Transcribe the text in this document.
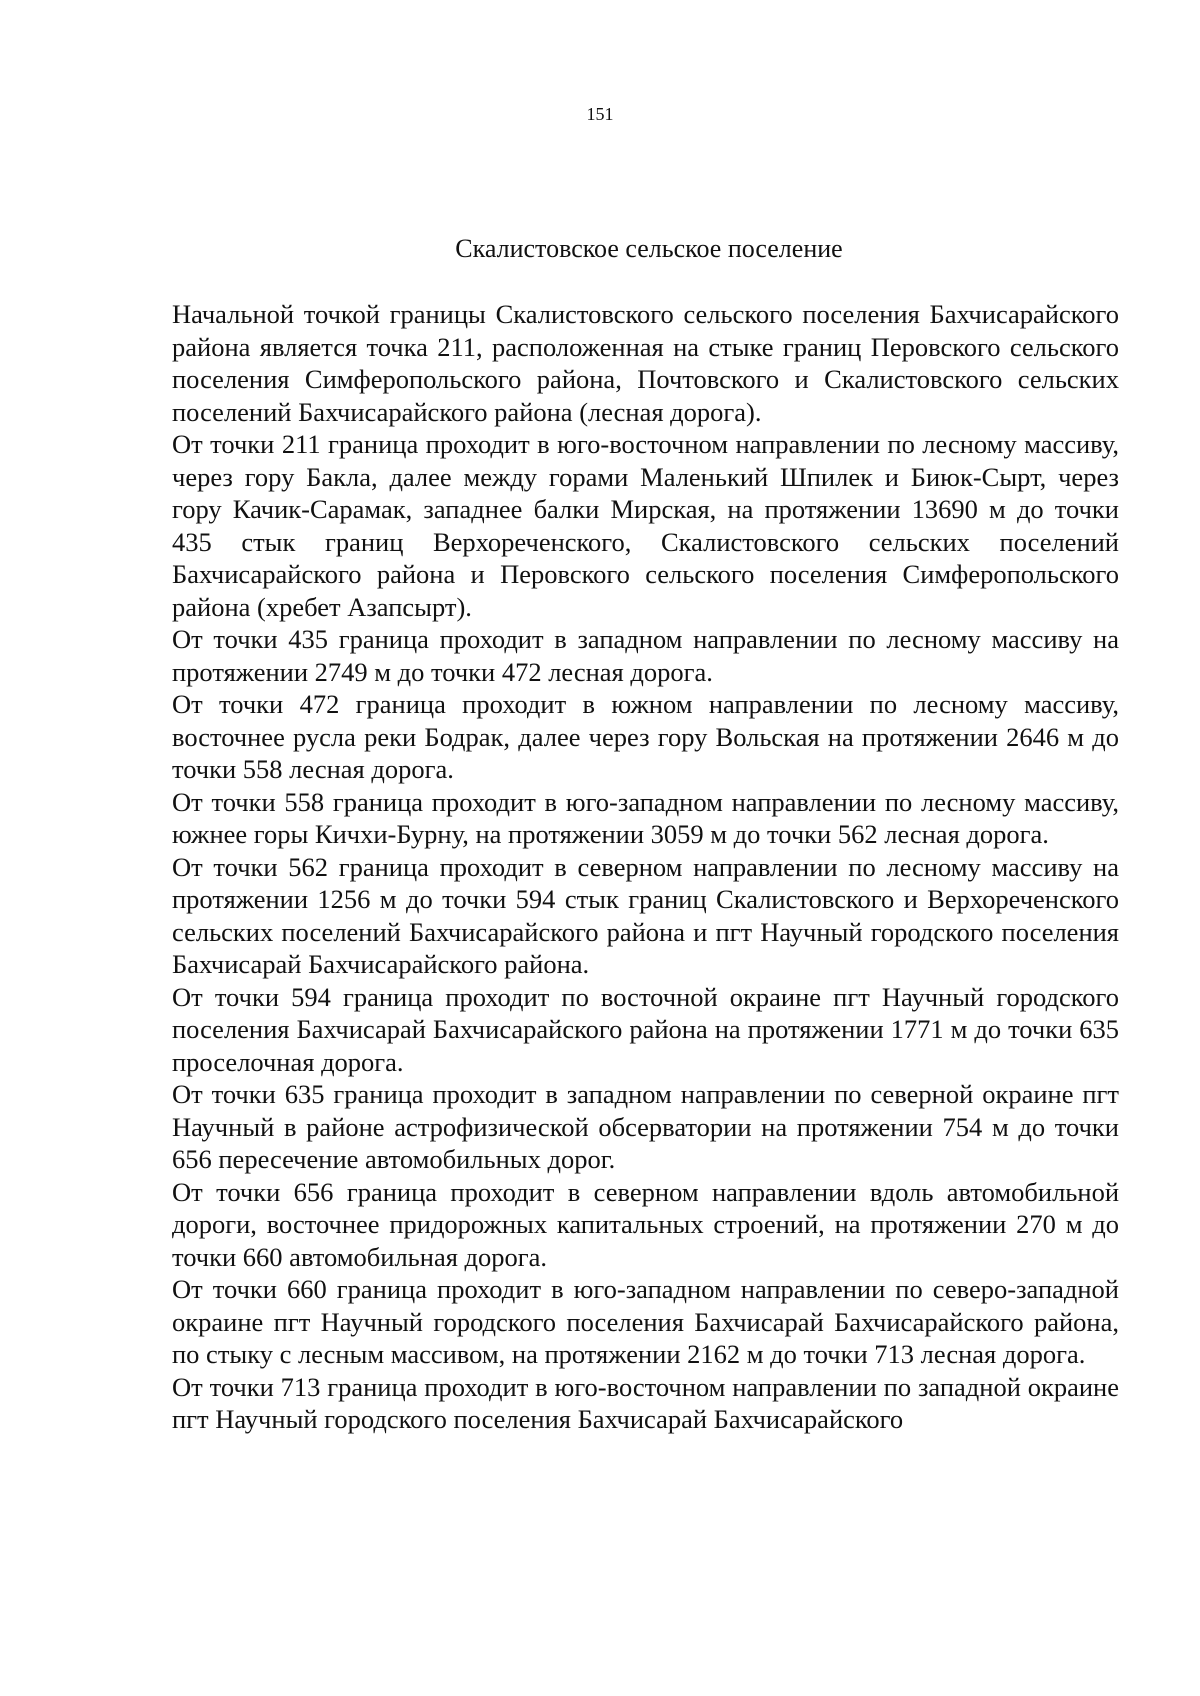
151
Скалистовское сельское поселение

Начальной точкой границы Скалистовского сельского поселения Бахчисарайского района является точка 211, расположенная на стыке границ Перовского сельского поселения Симферопольского района, Почтовского и Скалистовского сельских поселений Бахчисарайского района (лесная дорога).

От точки 211 граница проходит в юго-восточном направлении по лесному массиву, через гору Бакла, далее между горами Маленький Шпилек и Биюк-Сырт, через гору Качик-Сарамак, западнее балки Мирская, на протяжении 13690 м до точки 435 стык границ Верхореченского, Скалистовского сельских поселений Бахчисарайского района и Перовского сельского поселения Симферопольского района (хребет Азапсырт).

От точки 435 граница проходит в западном направлении по лесному массиву на протяжении 2749 м до точки 472 лесная дорога.

От точки 472 граница проходит в южном направлении по лесному массиву, восточнее русла реки Бодрак, далее через гору Вольская на протяжении 2646 м до точки 558 лесная дорога.

От точки 558 граница проходит в юго-западном направлении по лесному массиву, южнее горы Кичхи-Бурну, на протяжении 3059 м до точки 562 лесная дорога.

От точки 562 граница проходит в северном направлении по лесному массиву на протяжении 1256 м до точки 594 стык границ Скалистовского и Верхореченского сельских поселений Бахчисарайского района и пгт Научный городского поселения Бахчисарай Бахчисарайского района.

От точки 594 граница проходит по восточной окраине пгт Научный городского поселения Бахчисарай Бахчисарайского района на протяжении 1771 м до точки 635 проселочная дорога.

От точки 635 граница проходит в западном направлении по северной окраине пгт Научный в районе астрофизической обсерватории на протяжении 754 м до точки 656 пересечение автомобильных дорог.

От точки 656 граница проходит в северном направлении вдоль автомобильной дороги, восточнее придорожных капитальных строений, на протяжении 270 м до точки 660 автомобильная дорога.

От точки 660 граница проходит в юго-западном направлении по северо-западной окраине пгт Научный городского поселения Бахчисарай Бахчисарайского района, по стыку с лесным массивом, на протяжении 2162 м до точки 713 лесная дорога.

От точки 713 граница проходит в юго-восточном направлении по западной окраине пгт Научный городского поселения Бахчисарай Бахчисарайского
